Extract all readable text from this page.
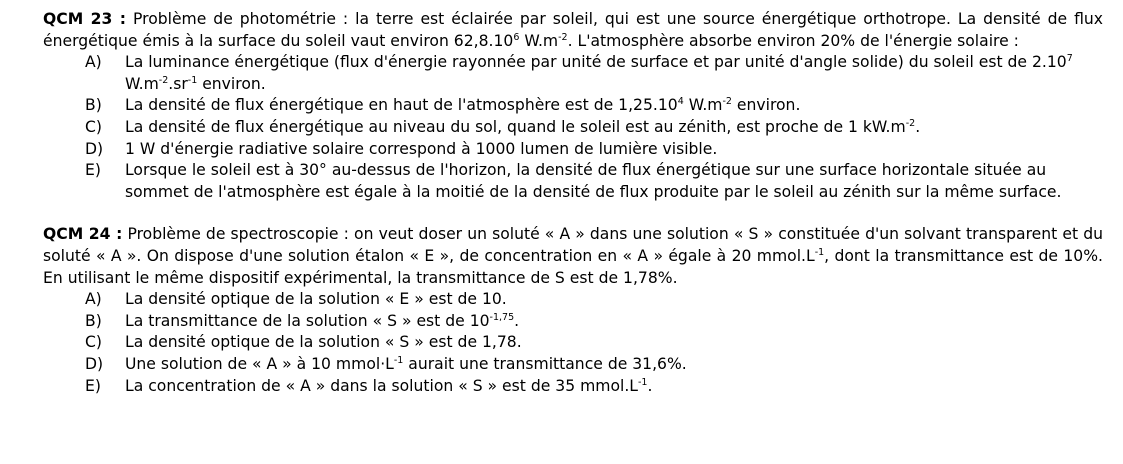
QCM 23 : Problème de photométrie : la terre est éclairée par soleil, qui est une source énergétique orthotrope. La densité de flux énergétique émis à la surface du soleil vaut environ 62,8.10$^6$ $W.m^{-2}$. L'atmosphère absorbe environ 20% de l'énergie solaire :
A)	La luminance énergétique (flux d'énergie rayonnée par unité de surface et par unité d'angle solide) du soleil est de 2.10$^7$ $W.m^{-2}.sr^{-1}$ environ.
B)	La densité de flux énergétique en haut de l'atmosphère est de 1,25.10$^4$ $W.m^{-2}$ environ.
C)	La densité de flux énergétique au niveau du sol, quand le soleil est au zénith, est proche de 1 $kW.m^{-2}$.
D)	1 W d'énergie radiative solaire correspond à 1000 lumen de lumière visible.
E)	Lorsque le soleil est à 30° au-dessus de l'horizon, la densité de flux énergétique sur une surface horizontale située au sommet de l'atmosphère est égale à la moitié de la densité de flux produite par le soleil au zénith sur la même surface.
QCM 24 : Problème de spectroscopie : on veut doser un soluté « A » dans une solution « S » constituée d'un solvant transparent et du soluté « A ». On dispose d'une solution étalon « E », de concentration en « A » égale à 20 $mmol.L^{-1}$, dont la transmittance est de 10%. En utilisant le même dispositif expérimental, la transmittance de S est de 1,78%.
A)	La densité optique de la solution « E » est de 10.
B)	La transmittance de la solution « S » est de $10^{-1,75}$.
C)	La densité optique de la solution « S » est de 1,78.
D)	Une solution de « A » à 10 $mmol\cdot L^{-1}$ aurait une transmittance de 31,6%.
E)	La concentration de « A » dans la solution « S » est de 35 $mmol.L^{-1}$.
